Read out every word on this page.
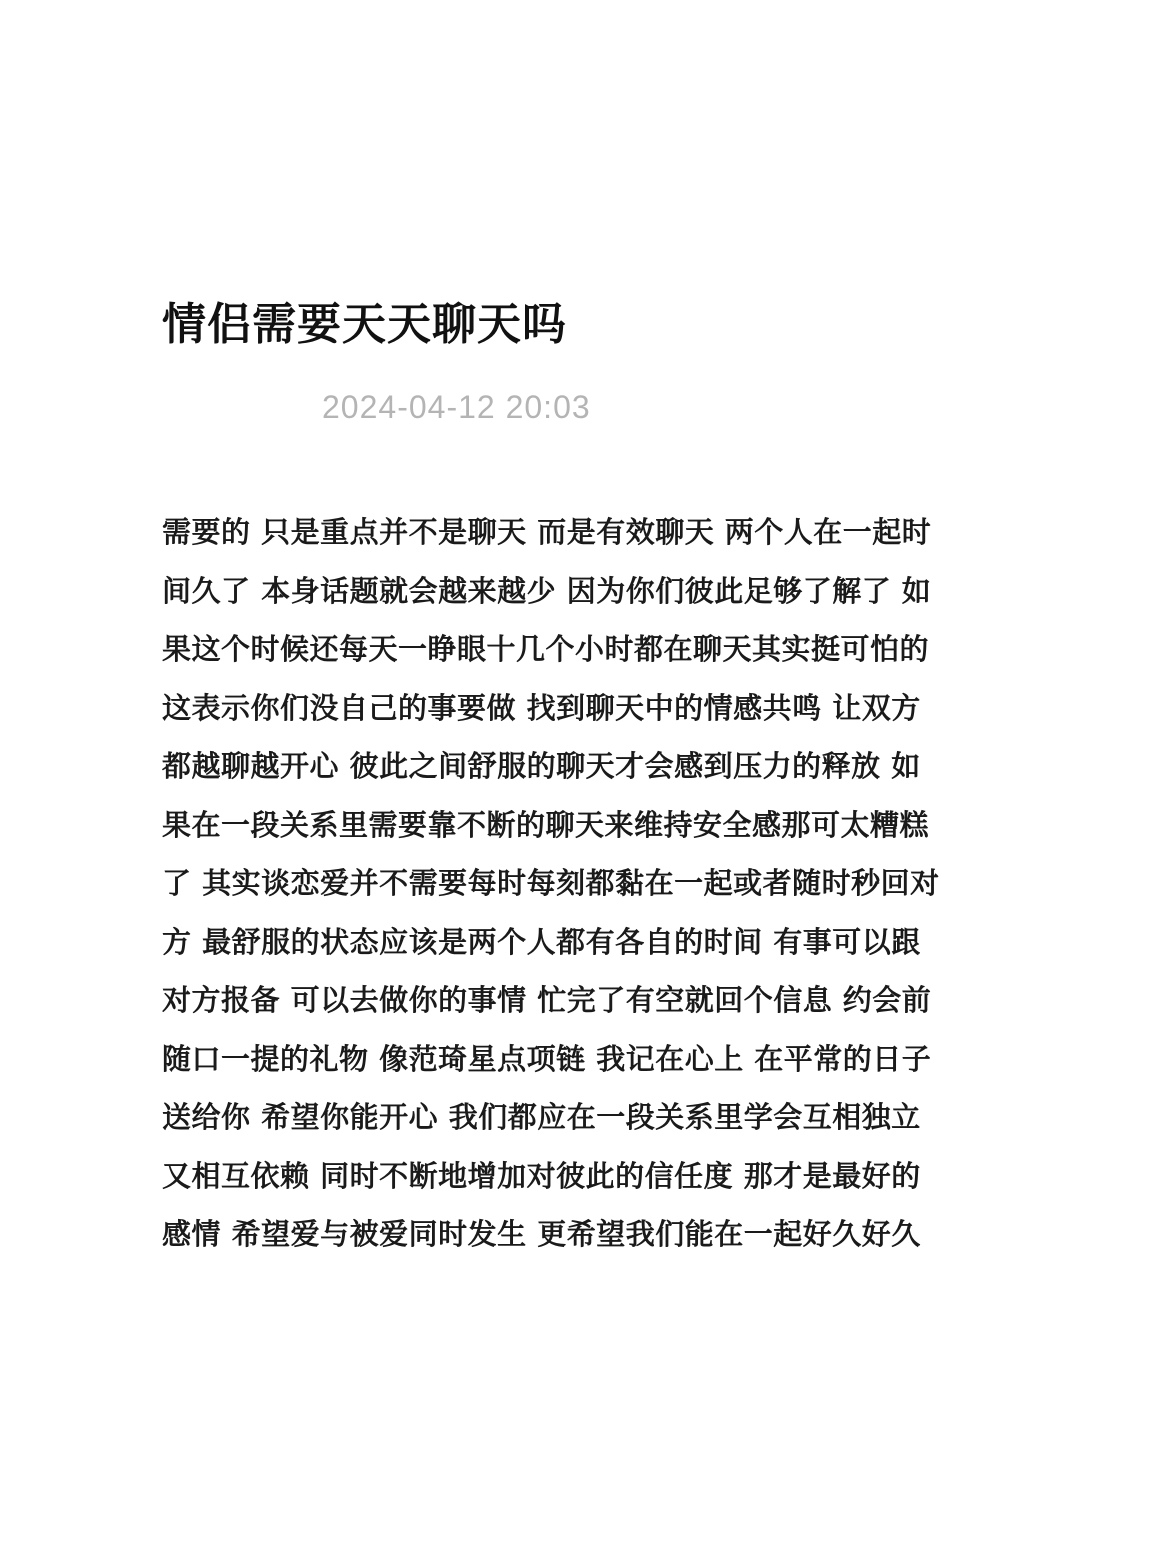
情侣需要天天聊天吗

2024-04-12 20:03

需要的 只是重点并不是聊天 而是有效聊天 两个人在一起时
间久了 本身话题就会越来越少 因为你们彼此足够了解了 如
果这个时候还每天一睁眼十几个小时都在聊天其实挺可怕的
这表示你们没自己的事要做 找到聊天中的情感共鸣 让双方
都越聊越开心 彼此之间舒服的聊天才会感到压力的释放 如
果在一段关系里需要靠不断的聊天来维持安全感那可太糟糕
了 其实谈恋爱并不需要每时每刻都黏在一起或者随时秒回对
方 最舒服的状态应该是两个人都有各自的时间 有事可以跟
对方报备 可以去做你的事情 忙完了有空就回个信息 约会前
随口一提的礼物 像范琦星点项链 我记在心上 在平常的日子
送给你 希望你能开心 我们都应在一段关系里学会互相独立
又相互依赖 同时不断地增加对彼此的信任度 那才是最好的
感情 希望爱与被爱同时发生 更希望我们能在一起好久好久
